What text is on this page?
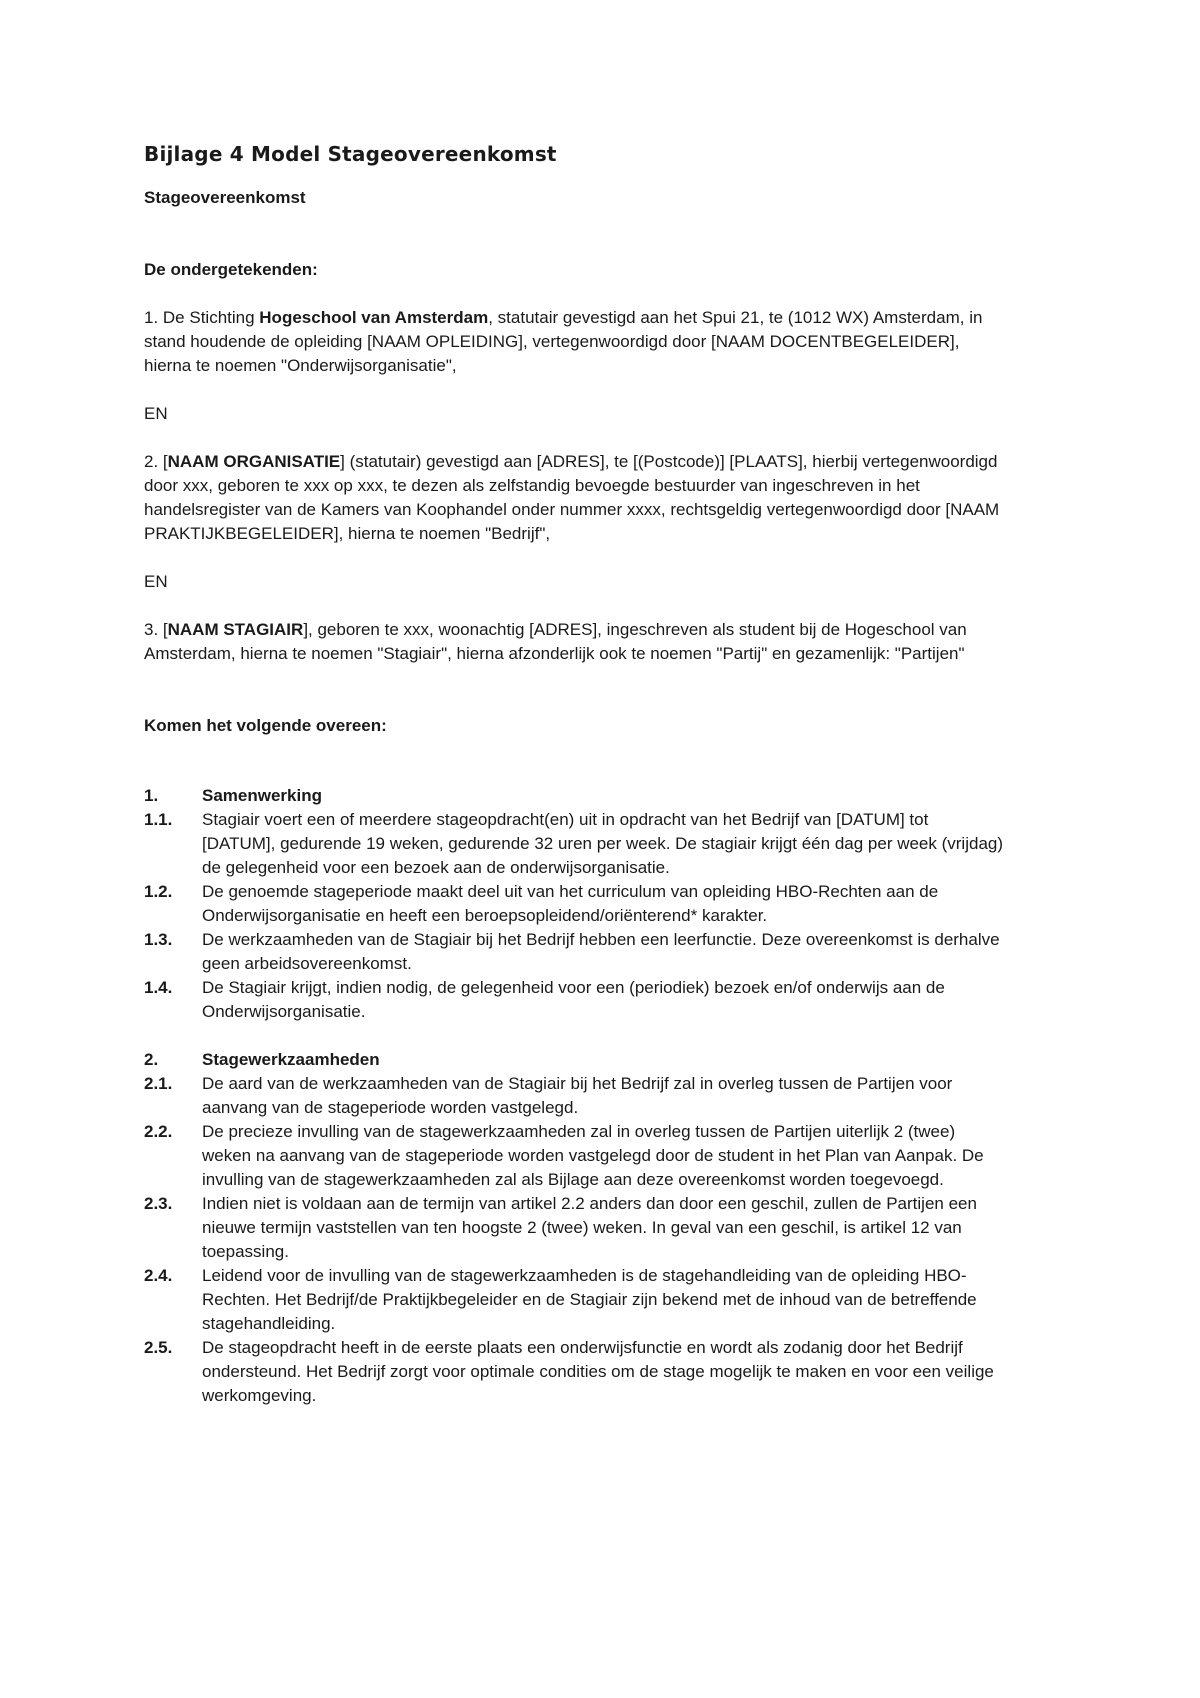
Bijlage 4 Model Stageovereenkomst
Stageovereenkomst
De ondergetekenden:

1. De Stichting Hogeschool van Amsterdam, statutair gevestigd aan het Spui 21, te (1012 WX) Amsterdam, in stand houdende de opleiding [NAAM OPLEIDING], vertegenwoordigd door [NAAM DOCENTBEGELEIDER], hierna te noemen "Onderwijsorganisatie",

EN

2. [NAAM ORGANISATIE] (statutair) gevestigd aan [ADRES], te [(Postcode)] [PLAATS], hierbij vertegenwoordigd door xxx, geboren te xxx op xxx, te dezen als zelfstandig bevoegde bestuurder van ingeschreven in het handelsregister van de Kamers van Koophandel onder nummer xxxx, rechtsgeldig vertegenwoordigd door [NAAM PRAKTIJKBEGELEIDER], hierna te noemen "Bedrijf",

EN

3. [NAAM STAGIAIR], geboren te xxx, woonachtig [ADRES], ingeschreven als student bij de Hogeschool van Amsterdam, hierna te noemen "Stagiair", hierna afzonderlijk ook te noemen "Partij" en gezamenlijk: "Partijen"

Komen het volgende overeen:
1.	Samenwerking
1.1.	Stagiair voert een of meerdere stageopdracht(en) uit in opdracht van het Bedrijf van [DATUM] tot [DATUM], gedurende 19 weken, gedurende 32 uren per week. De stagiair krijgt één dag per week (vrijdag) de gelegenheid voor een bezoek aan de onderwijsorganisatie.
1.2.	De genoemde stageperiode maakt deel uit van het curriculum van opleiding HBO-Rechten aan de Onderwijsorganisatie en heeft een beroepsopleidend/oriënterend* karakter.
1.3.	De werkzaamheden van de Stagiair bij het Bedrijf hebben een leerfunctie. Deze overeenkomst is derhalve geen arbeidsovereenkomst.
1.4.	De Stagiair krijgt, indien nodig, de gelegenheid voor een (periodiek) bezoek en/of onderwijs aan de Onderwijsorganisatie.
2.	Stagewerkzaamheden
2.1.	De aard van de werkzaamheden van de Stagiair bij het Bedrijf zal in overleg tussen de Partijen voor aanvang van de stageperiode worden vastgelegd.
2.2.	De precieze invulling van de stagewerkzaamheden zal in overleg tussen de Partijen uiterlijk 2 (twee) weken na aanvang van de stageperiode worden vastgelegd door de student in het Plan van Aanpak. De invulling van de stagewerkzaamheden zal als Bijlage aan deze overeenkomst worden toegevoegd.
2.3.	Indien niet is voldaan aan de termijn van artikel 2.2 anders dan door een geschil, zullen de Partijen een nieuwe termijn vaststellen van ten hoogste 2 (twee) weken. In geval van een geschil, is artikel 12 van toepassing.
2.4.	Leidend voor de invulling van de stagewerkzaamheden is de stagehandleiding van de opleiding HBO-Rechten. Het Bedrijf/de Praktijkbegeleider en de Stagiair zijn bekend met de inhoud van de betreffende stagehandleiding.
2.5.	De stageopdracht heeft in de eerste plaats een onderwijsfunctie en wordt als zodanig door het Bedrijf ondersteund. Het Bedrijf zorgt voor optimale condities om de stage mogelijk te maken en voor een veilige werkomgeving.
